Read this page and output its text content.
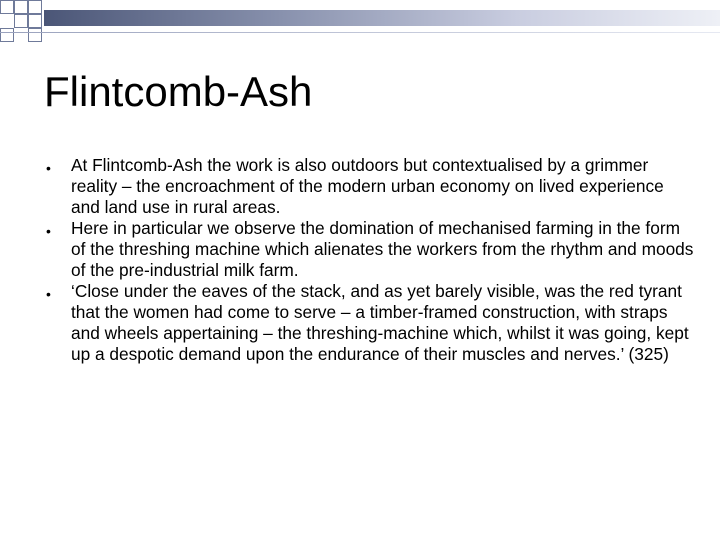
Flintcomb-Ash
• At Flintcomb-Ash the work is also outdoors but contextualised by a grimmer reality – the encroachment of the modern urban economy on lived experience and land use in rural areas.
• Here in particular we observe the domination of mechanised farming in the form of the threshing machine which alienates the workers from the rhythm and moods of the pre-industrial milk farm.
• ‘Close under the eaves of the stack, and as yet barely visible, was the red tyrant that the women had come to serve – a timber-framed construction, with straps and wheels appertaining – the threshing-machine which, whilst it was going, kept up a despotic demand upon the endurance of their muscles and nerves.’ (325)
